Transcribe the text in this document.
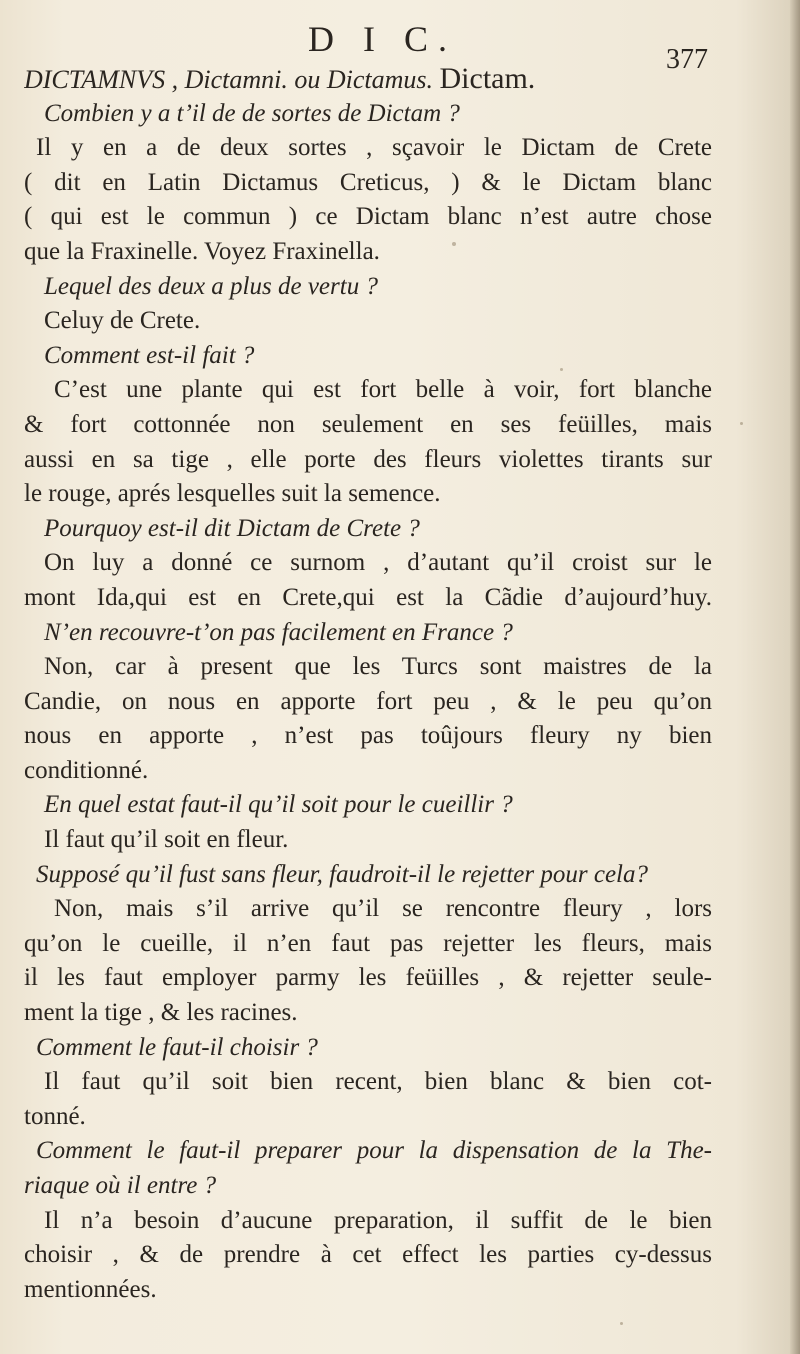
D I C.
377
DICTAMNVS , Dictamni. ou Dictamus. Dictam.
Combien y a t’il de de sortes de Dictam ?
Il y en a de deux sortes , sçavoir le Dictam de Crete
( dit en Latin Dictamus Creticus, ) & le Dictam blanc
( qui est le commun ) ce Dictam blanc n’est autre chose
que la Fraxinelle. Voyez Fraxinella.
Lequel des deux a plus de vertu ?
Celuy de Crete.
Comment est-il fait ?
C’est une plante qui est fort belle à voir, fort blanche
& fort cottonnée non seulement en ses feüilles, mais
aussi en sa tige , elle porte des fleurs violettes tirants sur
le rouge, aprés lesquelles suit la semence.
Pourquoy est-il dit Dictam de Crete ?
On luy a donné ce surnom , d’autant qu’il croist sur le
mont Ida,qui est en Crete,qui est la Cãdie d’aujourd’huy.
N’en recouvre-t’on pas facilement en France ?
Non, car à present que les Turcs sont maistres de la
Candie, on nous en apporte fort peu , & le peu qu’on
nous en apporte , n’est pas toûjours fleury ny bien
conditionné.
En quel estat faut-il qu’il soit pour le cueillir ?
Il faut qu’il soit en fleur.
Supposé qu’il fust sans fleur, faudroit-il le rejetter pour cela?
Non, mais s’il arrive qu’il se rencontre fleury , lors
qu’on le cueille, il n’en faut pas rejetter les fleurs, mais
il les faut employer parmy les feüilles , & rejetter seule-
ment la tige , & les racines.
Comment le faut-il choisir ?
Il faut qu’il soit bien recent, bien blanc & bien cot-
tonné.
Comment le faut-il preparer pour la dispensation de la The-
riaque où il entre ?
Il n’a besoin d’aucune preparation, il suffit de le bien
choisir , & de prendre à cet effect les parties cy-dessus
mentionnées.
